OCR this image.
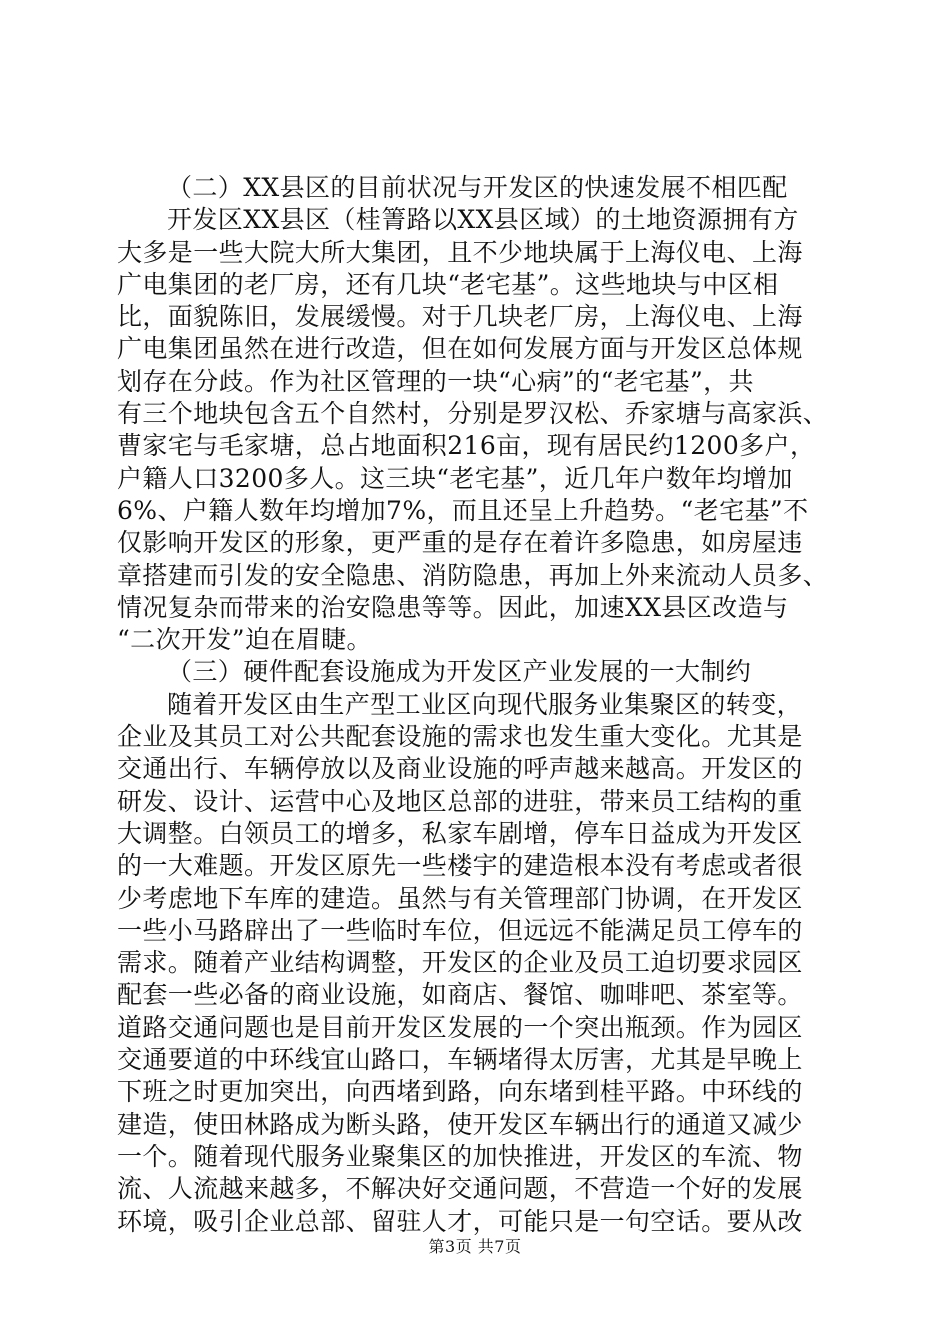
（二）XX县区的目前状况与开发区的快速发展不相匹配
开发区XX县区（桂箐路以XX县区域）的土地资源拥有方
大多是一些大院大所大集团，且不少地块属于上海仪电、上海
广电集团的老厂房，还有几块“老宅基”。这些地块与中区相
比，面貌陈旧，发展缓慢。对于几块老厂房，上海仪电、上海
广电集团虽然在进行改造，但在如何发展方面与开发区总体规
划存在分歧。作为社区管理的一块“心病”的“老宅基”，共
有三个地块包含五个自然村，分别是罗汉松、乔家塘与高家浜、
曹家宅与毛家塘，总占地面积216亩，现有居民约1200多户，
户籍人口3200多人。这三块“老宅基”，近几年户数年均增加
6%、户籍人数年均增加7%，而且还呈上升趋势。“老宅基”不
仅影响开发区的形象，更严重的是存在着许多隐患，如房屋违
章搭建而引发的安全隐患、消防隐患，再加上外来流动人员多、
情况复杂而带来的治安隐患等等。因此，加速XX县区改造与
“二次开发”迫在眉睫。
（三）硬件配套设施成为开发区产业发展的一大制约
随着开发区由生产型工业区向现代服务业集聚区的转变，
企业及其员工对公共配套设施的需求也发生重大变化。尤其是
交通出行、车辆停放以及商业设施的呼声越来越高。开发区的
研发、设计、运营中心及地区总部的进驻，带来员工结构的重
大调整。白领员工的增多，私家车剧增，停车日益成为开发区
的一大难题。开发区原先一些楼宇的建造根本没有考虑或者很
少考虑地下车库的建造。虽然与有关管理部门协调，在开发区
一些小马路辟出了一些临时车位，但远远不能满足员工停车的
需求。随着产业结构调整，开发区的企业及员工迫切要求园区
配套一些必备的商业设施，如商店、餐馆、咖啡吧、茶室等。
道路交通问题也是目前开发区发展的一个突出瓶颈。作为园区
交通要道的中环线宜山路口，车辆堵得太厉害，尤其是早晚上
下班之时更加突出，向西堵到路，向东堵到桂平路。中环线的
建造，使田林路成为断头路，使开发区车辆出行的通道又减少
一个。随着现代服务业聚集区的加快推进，开发区的车流、物
流、人流越来越多，不解决好交通问题，不营造一个好的发展
环境，吸引企业总部、留驻人才，可能只是一句空话。要从改
第3页 共7页
